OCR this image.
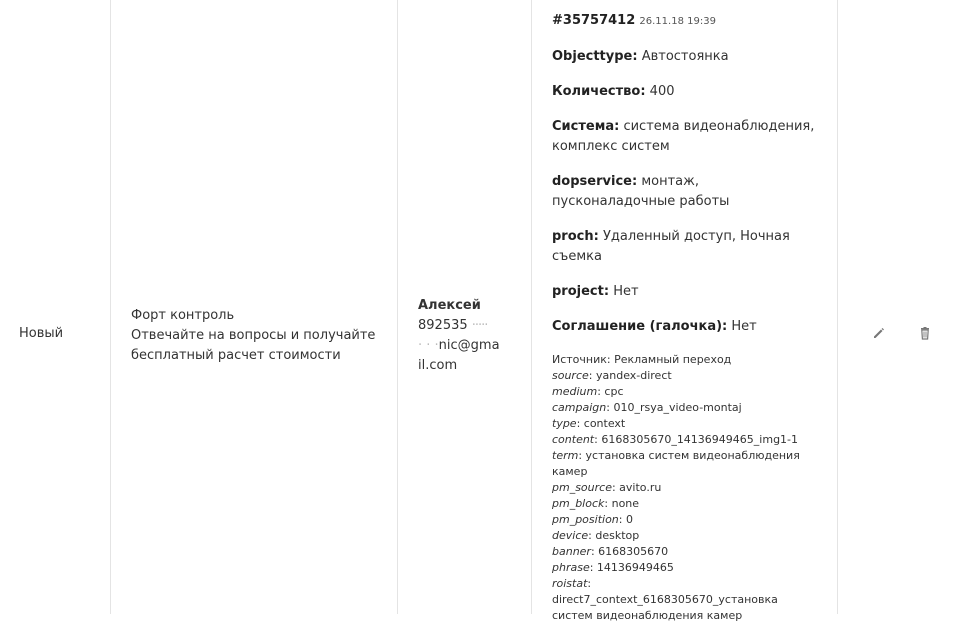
Новый
Форт контроль
Отвечайте на вопросы и получайте бесплатный расчет стоимости
Алексей
892535 ·‧‧‧‧
‧ ‧ ‧nic@gma
il.com
#35757412 26.11.18 19:39
Objecttype: Автостоянка
Количество: 400
Система: система видеонаблюдения, комплекс систем
dopservice: монтаж, пусконаладочные работы
proch: Удаленный доступ, Ночная съемка
project: Нет
Соглашение (галочка): Нет
Источник: Рекламный переход
source: yandex-direct
medium: cpc
campaign: 010_rsya_video-montaj
type: context
content: 6168305670_14136949465_img1-1
term: установка систем видеонаблюдения камер
pm_source: avito.ru
pm_block: none
pm_position: 0
device: desktop
banner: 6168305670
phrase: 14136949465
roistat: direct7_context_6168305670_установка систем видеонаблюдения камер
